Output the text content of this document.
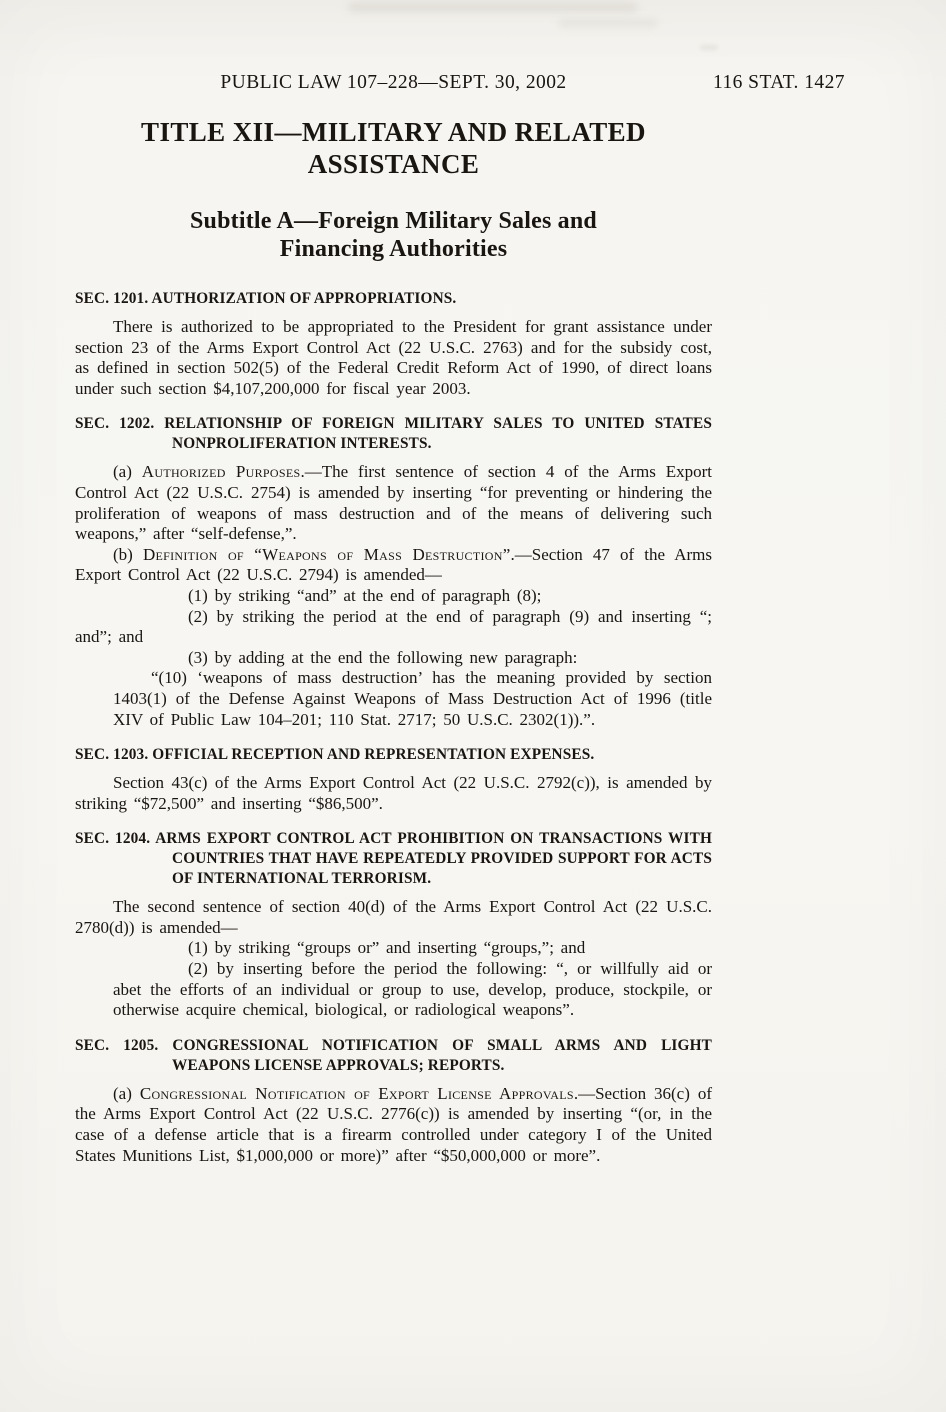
PUBLIC LAW 107–228—SEPT. 30, 2002	116 STAT. 1427
TITLE XII—MILITARY AND RELATED
ASSISTANCE
Subtitle A—Foreign Military Sales and
Financing Authorities
SEC. 1201. AUTHORIZATION OF APPROPRIATIONS.

There is authorized to be appropriated to the President for grant assistance under section 23 of the Arms Export Control Act (22 U.S.C. 2763) and for the subsidy cost, as defined in section 502(5) of the Federal Credit Reform Act of 1990, of direct loans under such section $4,107,200,000 for fiscal year 2003.

SEC. 1202. RELATIONSHIP OF FOREIGN MILITARY SALES TO UNITED STATES NONPROLIFERATION INTERESTS.

(a) Authorized Purposes.—The first sentence of section 4 of the Arms Export Control Act (22 U.S.C. 2754) is amended by inserting “for preventing or hindering the proliferation of weapons of mass destruction and of the means of delivering such weapons,” after “self-defense,”.

(b) Definition of “Weapons of Mass Destruction”.—Section 47 of the Arms Export Control Act (22 U.S.C. 2794) is amended—

(1) by striking “and” at the end of paragraph (8);

(2) by striking the period at the end of paragraph (9) and inserting “; and”; and

(3) by adding at the end the following new paragraph:

“(10) ‘weapons of mass destruction’ has the meaning provided by section 1403(1) of the Defense Against Weapons of Mass Destruction Act of 1996 (title XIV of Public Law 104–201; 110 Stat. 2717; 50 U.S.C. 2302(1)).”.

SEC. 1203. OFFICIAL RECEPTION AND REPRESENTATION EXPENSES.

Section 43(c) of the Arms Export Control Act (22 U.S.C. 2792(c)), is amended by striking “$72,500” and inserting “$86,500”.

SEC. 1204. ARMS EXPORT CONTROL ACT PROHIBITION ON TRANSACTIONS WITH COUNTRIES THAT HAVE REPEATEDLY PROVIDED SUPPORT FOR ACTS OF INTERNATIONAL TERRORISM.

The second sentence of section 40(d) of the Arms Export Control Act (22 U.S.C. 2780(d)) is amended—

(1) by striking “groups or” and inserting “groups,”; and

(2) by inserting before the period the following: “, or willfully aid or abet the efforts of an individual or group to use, develop, produce, stockpile, or otherwise acquire chemical, biological, or radiological weapons”.

SEC. 1205. CONGRESSIONAL NOTIFICATION OF SMALL ARMS AND LIGHT WEAPONS LICENSE APPROVALS; REPORTS.

(a) Congressional Notification of Export License Approvals.—Section 36(c) of the Arms Export Control Act (22 U.S.C. 2776(c)) is amended by inserting “(or, in the case of a defense article that is a firearm controlled under category I of the United States Munitions List, $1,000,000 or more)” after “$50,000,000 or more”.
